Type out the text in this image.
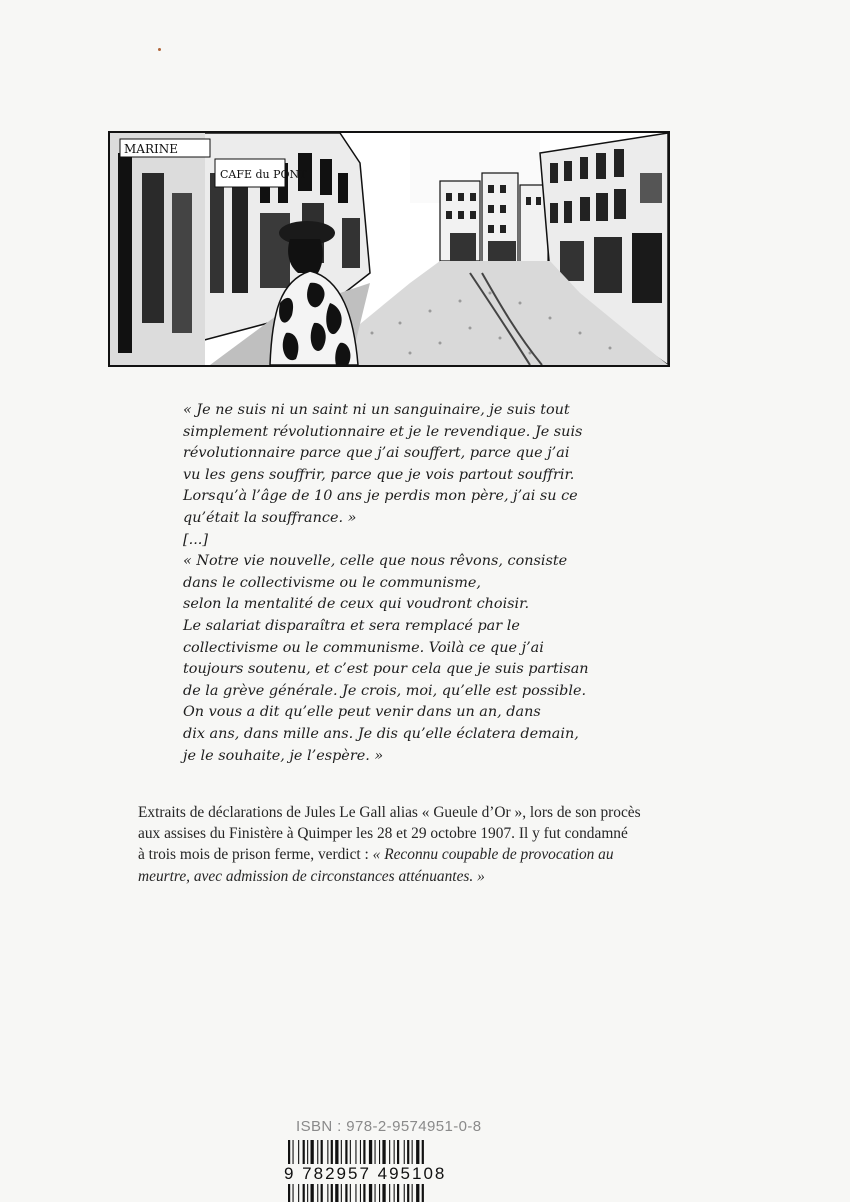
MARINE
CAFE du PONT
« Je ne suis ni un saint ni un sanguinaire, je suis tout
simplement révolutionnaire et je le revendique. Je suis
révolutionnaire parce que j’ai souffert, parce que j’ai
vu les gens souffrir, parce que je vois partout souffrir.
Lorsqu’à l’âge de 10 ans je perdis mon père, j’ai su ce
qu’était la souffrance. »
[...]
« Notre vie nouvelle, celle que nous rêvons, consiste
dans le collectivisme ou le communisme,
selon la mentalité de ceux qui voudront choisir.
Le salariat disparaîtra et sera remplacé par le
collectivisme ou le communisme. Voilà ce que j’ai
toujours soutenu, et c’est pour cela que je suis partisan
de la grève générale. Je crois, moi, qu’elle est possible.
On vous a dit qu’elle peut venir dans un an, dans
dix ans, dans mille ans. Je dis qu’elle éclatera demain,
je le souhaite, je l’espère. »
Extraits de déclarations de Jules Le Gall alias « Gueule d’Or », lors de son procès
aux assises du Finistère à Quimper les 28 et 29 octobre 1907. Il y fut condamné
à trois mois de prison ferme, verdict : « Reconnu coupable de provocation au
meurtre, avec admission de circonstances atténuantes. »
ISBN : 978-2-9574951-0-8
9 782957 495108
